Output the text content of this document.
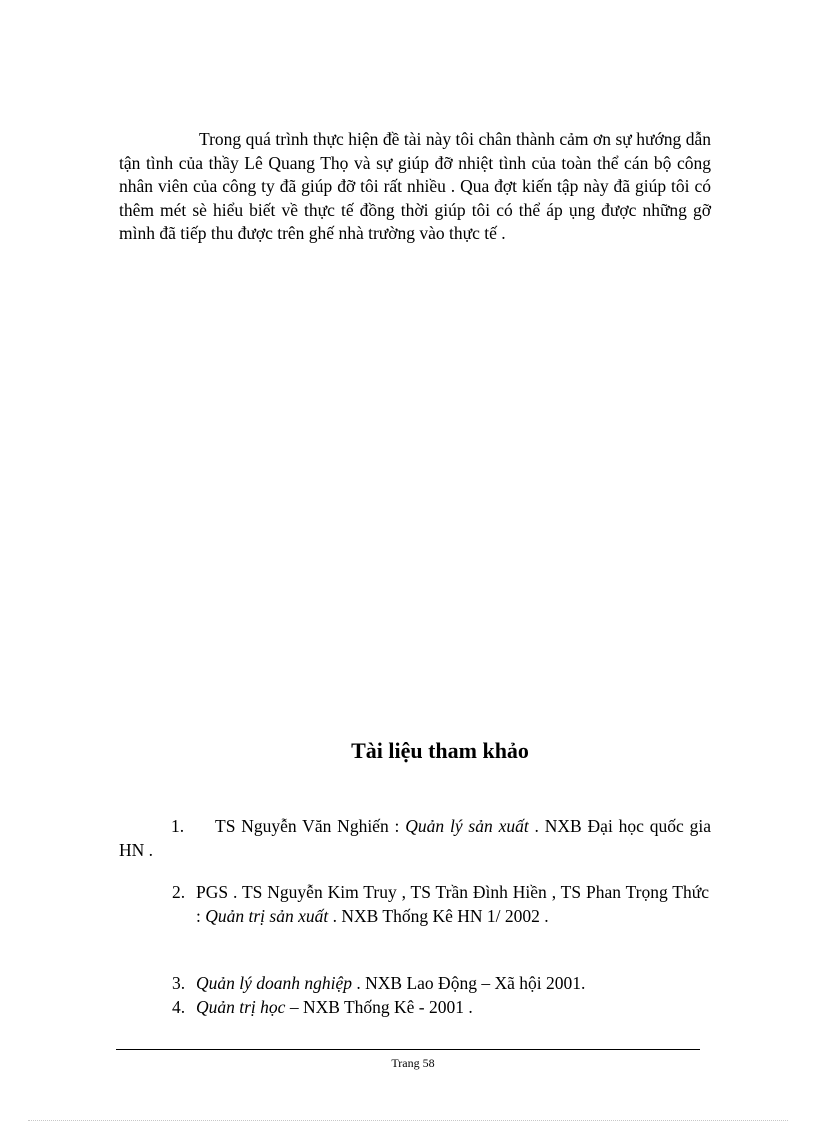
Trong quá trình thực hiện đề tài này tôi chân thành cảm ơn sự hướng dẫn tận tình của thầy Lê Quang Thọ và sự giúp đỡ nhiệt tình của toàn thể cán bộ công nhân viên của công ty đã giúp đỡ tôi rất nhiều . Qua đợt kiến tập này đã giúp tôi có thêm mét sè hiểu biết về thực tế đồng thời giúp tôi có thể áp ụng được những gỡ mình đã tiếp thu được trên ghế nhà trường vào thực tế .

Tài liệu tham khảo

1. TS Nguyễn Văn Nghiến : Quản lý sản xuất . NXB Đại học quốc gia HN .

2. PGS . TS Nguyễn Kim Truy , TS Trần Đình Hiền , TS Phan Trọng Thức : Quản trị sản xuất . NXB Thống Kê HN 1/ 2002 .

3. Quản lý doanh nghiệp . NXB Lao Động – Xã hội 2001.

4. Quản trị học – NXB Thống Kê - 2001 .

Trang 58
